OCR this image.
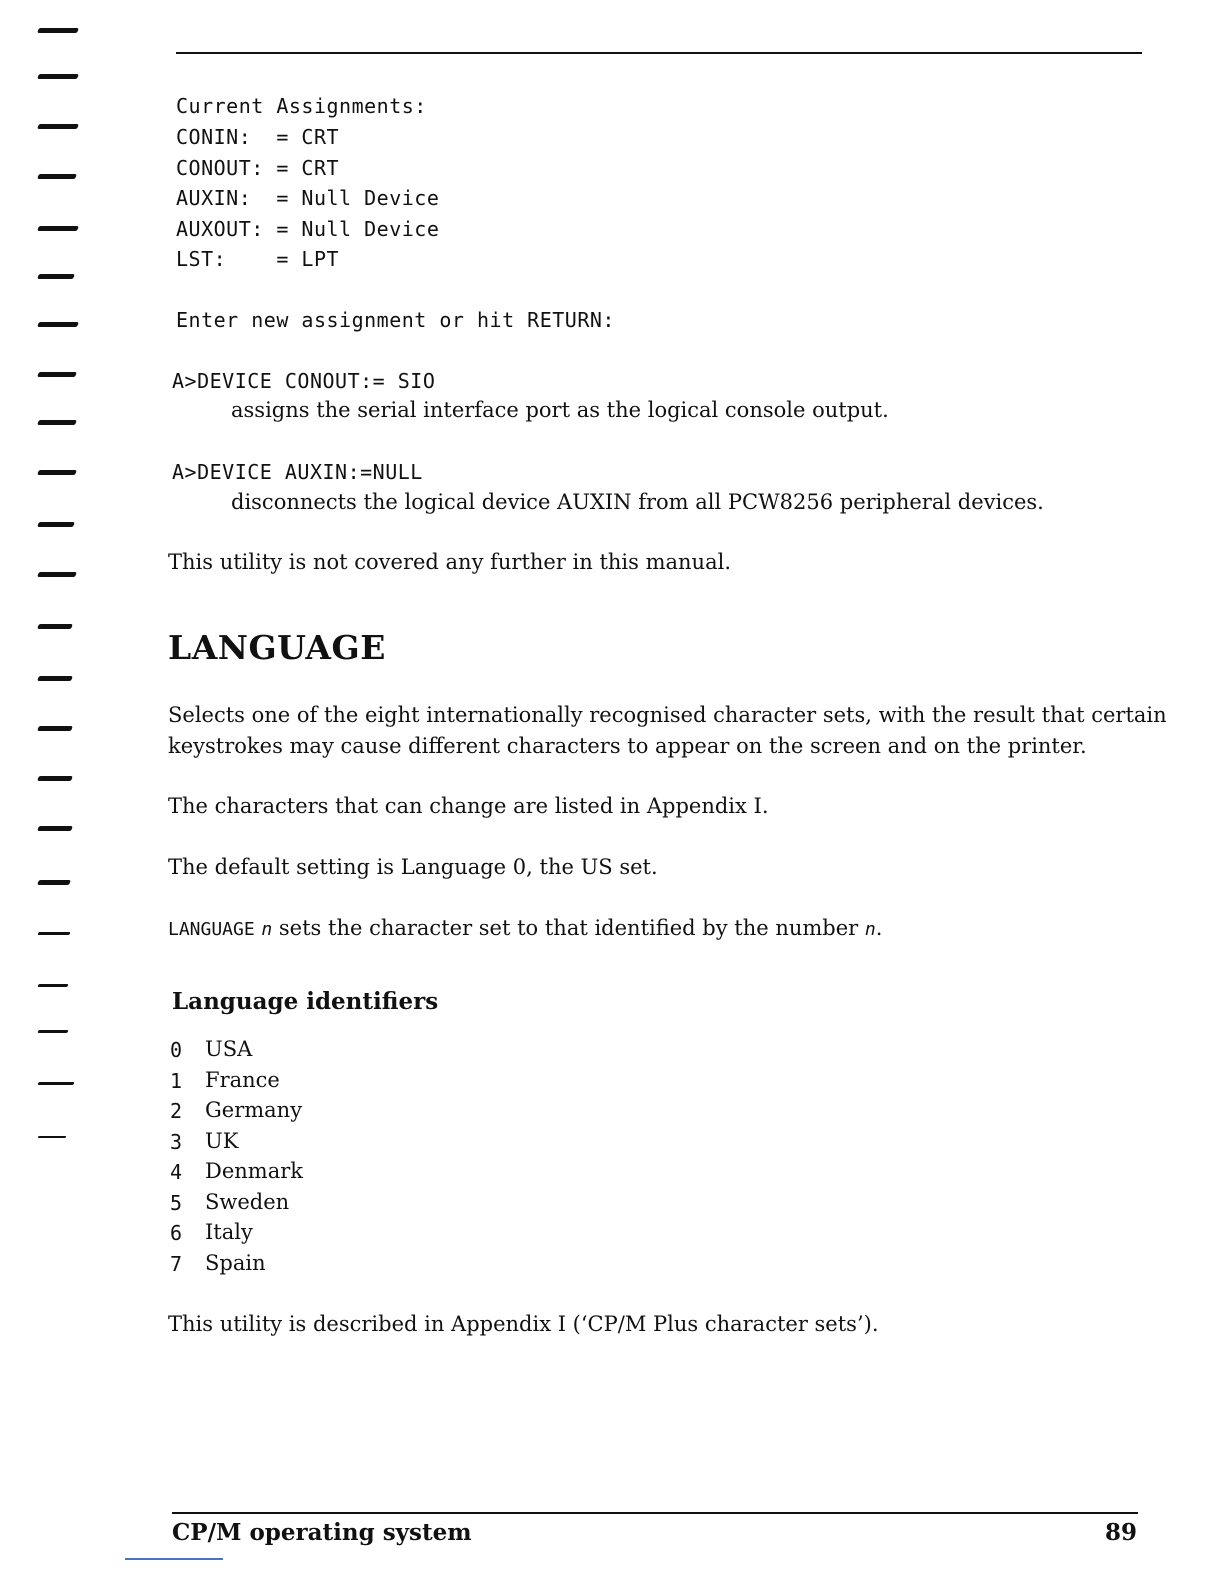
Current Assignments:
CONIN:  = CRT
CONOUT: = CRT
AUXIN:  = Null Device
AUXOUT: = Null Device
LST:    = LPT
Enter new assignment or hit RETURN:
A>DEVICE CONOUT:= SIO
assigns the serial interface port as the logical console output.
A>DEVICE AUXIN:=NULL
disconnects the logical device AUXIN from all PCW8256 peripheral devices.
This utility is not covered any further in this manual.
LANGUAGE
Selects one of the eight internationally recognised character sets, with the result that certain
keystrokes may cause different characters to appear on the screen and on the printer.
The characters that can change are listed in Appendix I.
The default setting is Language 0, the US set.
LANGUAGE n sets the character set to that identified by the number n.
Language identifiers
0 USA
1 France
2 Germany
3 UK
4 Denmark
5 Sweden
6 Italy
7 Spain
This utility is described in Appendix I (‘CP/M Plus character sets’).
CP/M operating system	89
